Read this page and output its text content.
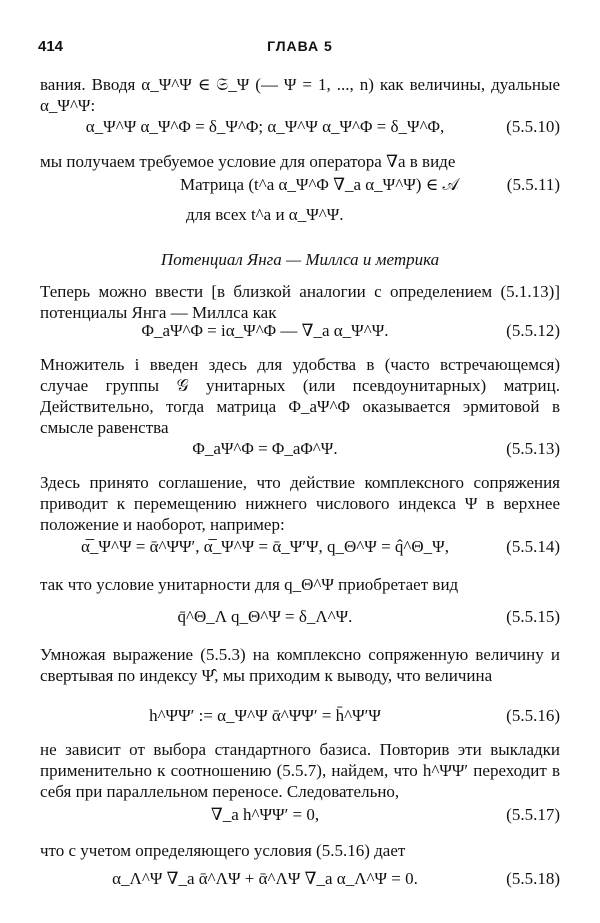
414	ГЛАВА 5

вания. Вводя α_Ψ^Ψ ∈ 𝔖_Ψ (— Ψ = 1, ..., n) как величины, дуальные α_Ψ^Ψ:

α_Ψ^Ψ α_Ψ^Φ = δ_Ψ^Φ; α_Ψ^Ψ α_Ψ^Φ = δ_Ψ^Φ,	(5.5.10)

мы получаем требуемое условие для оператора ∇a в виде

Матрица (t^a α_Ψ^Φ ∇_a α_Ψ^Ψ) ∈ 𝒜	(5.5.11)

для всех t^a и α_Ψ^Ψ.

Потенциал Янга — Миллса и метрика

Теперь можно ввести [в близкой аналогии с определением (5.1.13)] потенциалы Янга — Миллса как

Φ_aΨ^Φ = iα_Ψ^Φ — ∇_a α_Ψ^Ψ.	(5.5.12)

Множитель i введен здесь для удобства в (часто встречающемся) случае группы 𝒢 унитарных (или псевдоунитарных) матриц. Действительно, тогда матрица Φ_aΨ^Φ оказывается эрмитовой в смысле равенства

Φ_aΨ^Φ = Φ_aΦ^Ψ.	(5.5.13)

Здесь принято соглашение, что действие комплексного сопряжения приводит к перемещению нижнего числового индекса Ψ в верхнее положение и наоборот, например:

α̅_Ψ^Ψ = ᾱ^ΨΨ′, α̅_Ψ^Ψ = ᾱ_Ψ′Ψ, q_Θ^Ψ = q̂^Θ_Ψ,	(5.5.14)

так что условие унитарности для q_Θ^Ψ приобретает вид

q̄^Θ_Λ q_Θ^Ψ = δ_Λ^Ψ.	(5.5.15)

Умножая выражение (5.5.3) на комплексно сопряженную величину и свертывая по индексу Ψ̂, мы приходим к выводу, что величина

h^ΨΨ′ := α_Ψ^Ψ ᾱ^ΨΨ′ = h̄^Ψ′Ψ	(5.5.16)

не зависит от выбора стандартного базиса. Повторив эти выкладки применительно к соотношению (5.5.7), найдем, что h^ΨΨ′ переходит в себя при параллельном переносе. Следовательно,

∇_a h^ΨΨ′ = 0,	(5.5.17)

что с учетом определяющего условия (5.5.16) дает

α_Λ^Ψ ∇_a ᾱ^ΛΨ + ᾱ^ΛΨ ∇_a α_Λ^Ψ = 0.	(5.5.18)
